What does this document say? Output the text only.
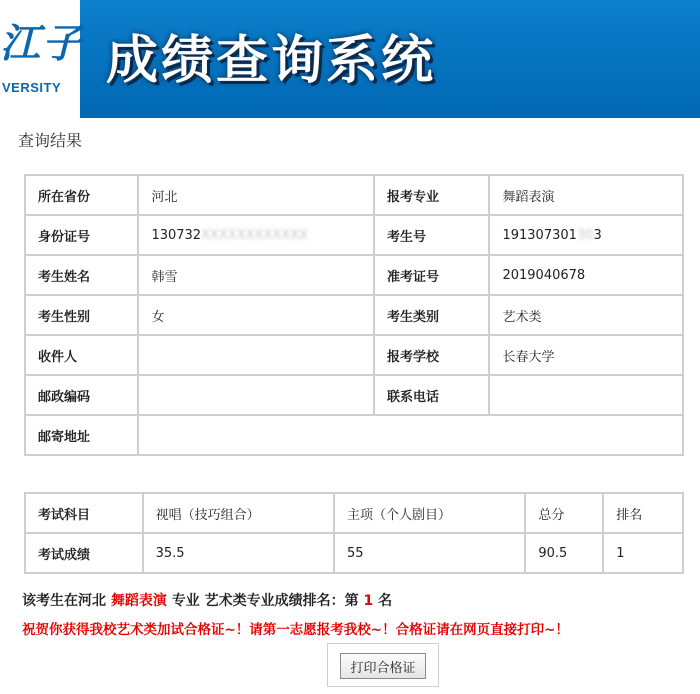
江子
VERSITY 成绩查询系统
查询结果
所在省份	河北	报考专业	舞蹈表演
身份证号	130732XXXXXXXXXXXX	考生号	191307301303
考生姓名	韩雪	准考证号	2019040678
考生性别	女	考生类别	艺术类
收件人		报考学校	长春大学
邮政编码		联系电话	
邮寄地址			
考试科目	视唱（技巧组合）	主项（个人剧目）	总分	排名
考试成绩	35.5	55	90.5	1
该考生在河北 舞蹈表演 专业 艺术类专业成绩排名：第 1 名
祝贺你获得我校艺术类加试合格证~！请第一志愿报考我校~！合格证请在网页直接打印~！
打印合格证
